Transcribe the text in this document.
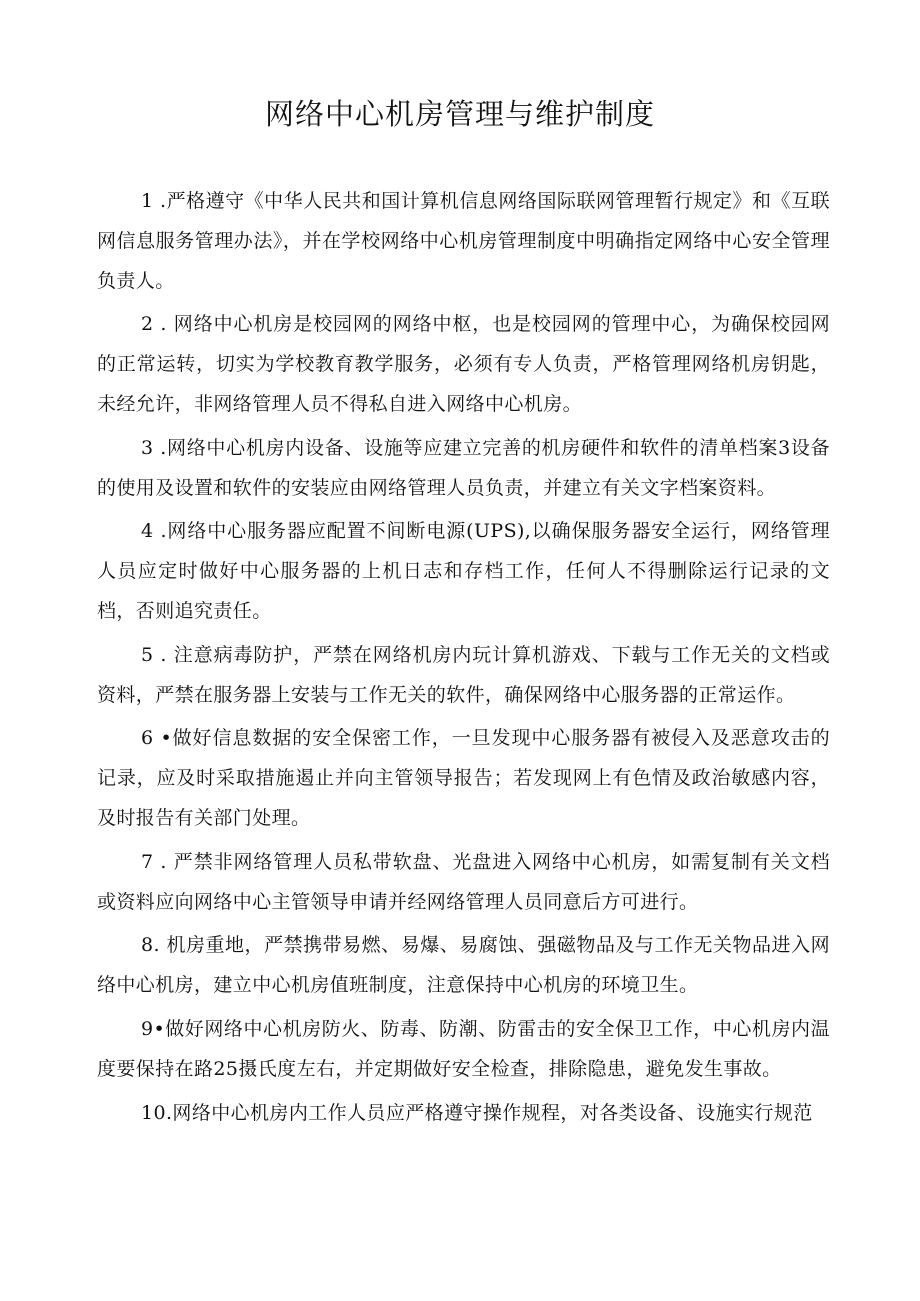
网络中心机房管理与维护制度

1 .严格遵守《中华人民共和国计算机信息网络国际联网管理暂行规定》和《互联网信息服务管理办法》，并在学校网络中心机房管理制度中明确指定网络中心安全管理负责人。

2 . 网络中心机房是校园网的网络中枢，也是校园网的管理中心，为确保校园网的正常运转，切实为学校教育教学服务，必须有专人负责，严格管理网络机房钥匙，未经允许，非网络管理人员不得私自进入网络中心机房。

3 .网络中心机房内设备、设施等应建立完善的机房硬件和软件的清单档案3设备的使用及设置和软件的安装应由网络管理人员负责，并建立有关文字档案资料。

4 .网络中心服务器应配置不间断电源(UPS),以确保服务器安全运行，网络管理人员应定时做好中心服务器的上机日志和存档工作，任何人不得删除运行记录的文档，否则追究责任。

5 . 注意病毒防护，严禁在网络机房内玩计算机游戏、下载与工作无关的文档或资料，严禁在服务器上安装与工作无关的软件，确保网络中心服务器的正常运作。

6 •做好信息数据的安全保密工作，一旦发现中心服务器有被侵入及恶意攻击的记录，应及时采取措施遏止并向主管领导报告；若发现网上有色情及政治敏感内容，及时报告有关部门处理。

7 . 严禁非网络管理人员私带软盘、光盘进入网络中心机房，如需复制有关文档或资料应向网络中心主管领导申请并经网络管理人员同意后方可进行。

8. 机房重地，严禁携带易燃、易爆、易腐蚀、强磁物品及与工作无关物品进入网络中心机房，建立中心机房值班制度，注意保持中心机房的环境卫生。

9•做好网络中心机房防火、防毒、防潮、防雷击的安全保卫工作，中心机房内温度要保持在路25摄氏度左右，并定期做好安全检查，排除隐患，避免发生事故。

10.网络中心机房内工作人员应严格遵守操作规程，对各类设备、设施实行规范
